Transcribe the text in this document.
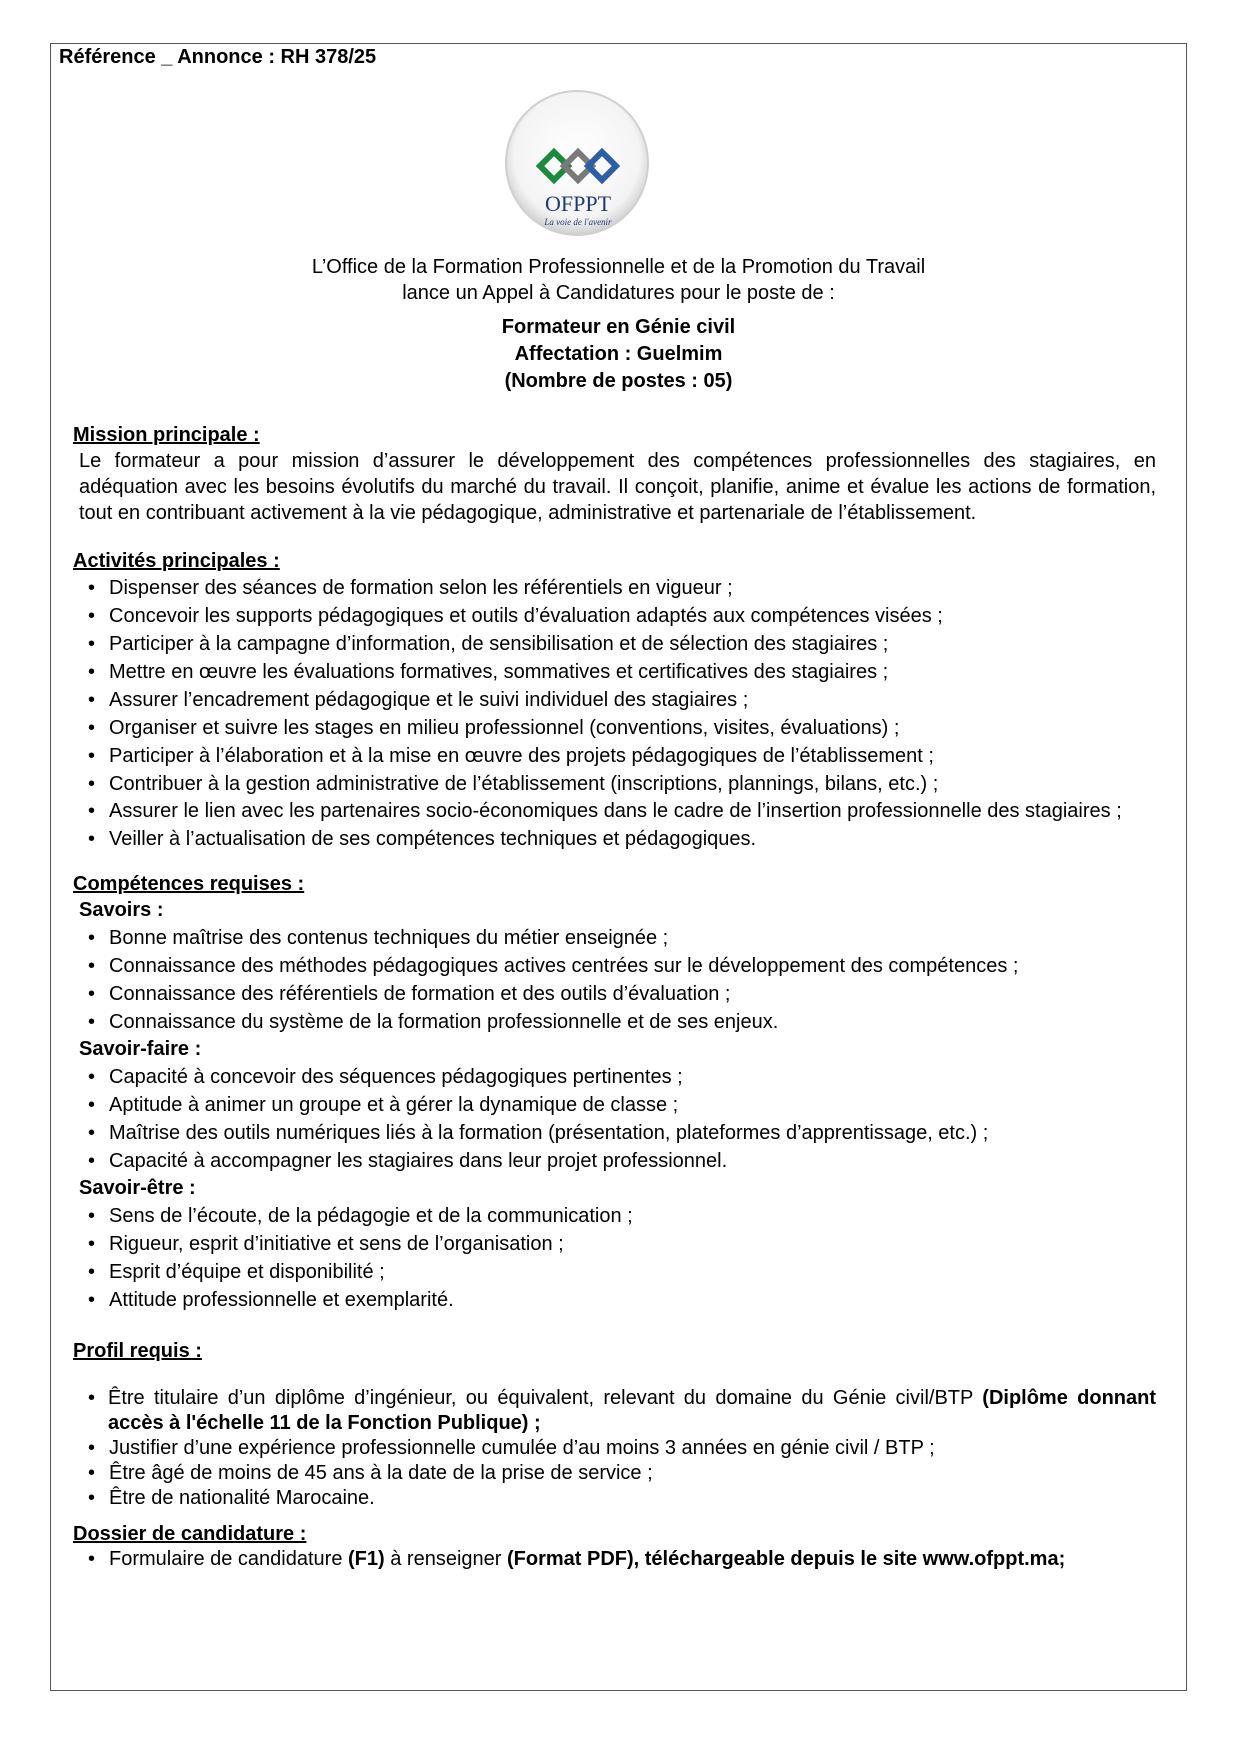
Référence _ Annonce : RH 378/25
OFPPT
La voie de l'avenir
L’Office de la Formation Professionnelle et de la Promotion du Travail
lance un Appel à Candidatures pour le poste de :
Formateur en Génie civil
Affectation : Guelmim
(Nombre de postes : 05)
Mission principale :
Le formateur a pour mission d’assurer le développement des compétences professionnelles des stagiaires, en adéquation avec les besoins évolutifs du marché du travail. Il conçoit, planifie, anime et évalue les actions de formation, tout en contribuant activement à la vie pédagogique, administrative et partenariale de l’établissement.
Activités principales :
• Dispenser des séances de formation selon les référentiels en vigueur ;
• Concevoir les supports pédagogiques et outils d’évaluation adaptés aux compétences visées ;
• Participer à la campagne d’information, de sensibilisation et de sélection des stagiaires ;
• Mettre en œuvre les évaluations formatives, sommatives et certificatives des stagiaires ;
• Assurer l’encadrement pédagogique et le suivi individuel des stagiaires ;
• Organiser et suivre les stages en milieu professionnel (conventions, visites, évaluations) ;
• Participer à l’élaboration et à la mise en œuvre des projets pédagogiques de l’établissement ;
• Contribuer à la gestion administrative de l’établissement (inscriptions, plannings, bilans, etc.) ;
• Assurer le lien avec les partenaires socio-économiques dans le cadre de l’insertion professionnelle des stagiaires ;
• Veiller à l’actualisation de ses compétences techniques et pédagogiques.
Compétences requises :
Savoirs :
• Bonne maîtrise des contenus techniques du métier enseignée ;
• Connaissance des méthodes pédagogiques actives centrées sur le développement des compétences ;
• Connaissance des référentiels de formation et des outils d’évaluation ;
• Connaissance du système de la formation professionnelle et de ses enjeux.
Savoir-faire :
• Capacité à concevoir des séquences pédagogiques pertinentes ;
• Aptitude à animer un groupe et à gérer la dynamique de classe ;
• Maîtrise des outils numériques liés à la formation (présentation, plateformes d’apprentissage, etc.) ;
• Capacité à accompagner les stagiaires dans leur projet professionnel.
Savoir-être :
• Sens de l’écoute, de la pédagogie et de la communication ;
• Rigueur, esprit d’initiative et sens de l’organisation ;
• Esprit d’équipe et disponibilité ;
• Attitude professionnelle et exemplarité.
Profil requis :
• Être titulaire d’un diplôme d’ingénieur, ou équivalent, relevant du domaine du Génie civil/BTP (Diplôme donnant accès à l'échelle 11 de la Fonction Publique) ;
• Justifier d’une expérience professionnelle cumulée d’au moins 3 années en génie civil / BTP ;
• Être âgé de moins de 45 ans à la date de la prise de service ;
• Être de nationalité Marocaine.
Dossier de candidature :
• Formulaire de candidature (F1) à renseigner (Format PDF), téléchargeable depuis le site www.ofppt.ma;
